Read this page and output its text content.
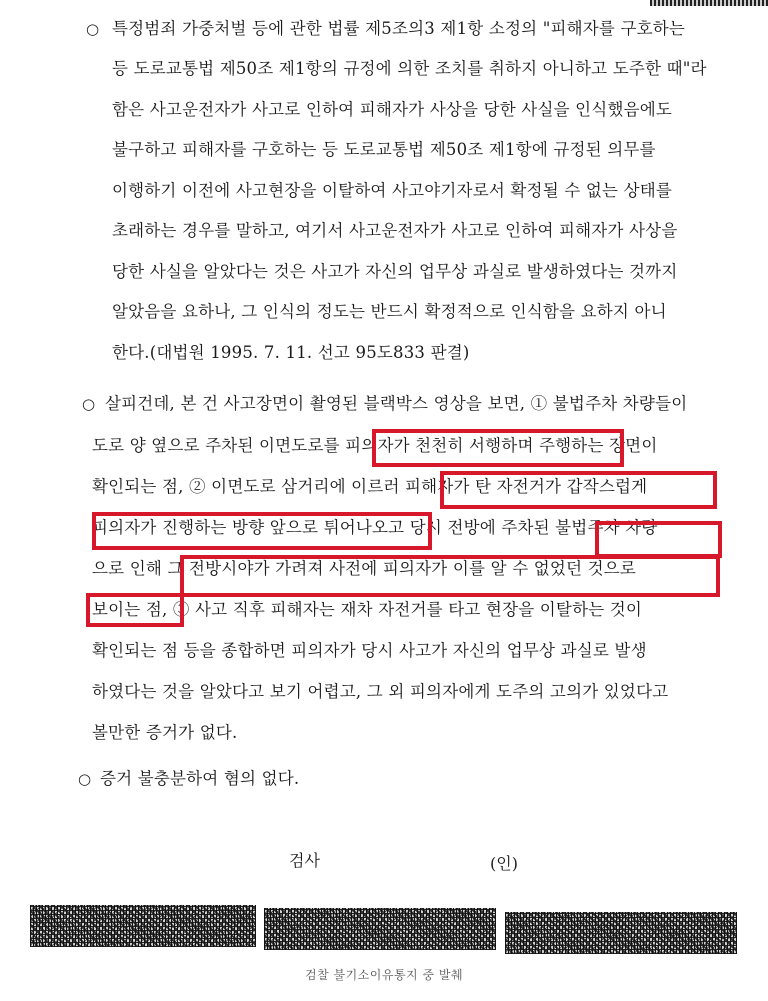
○ 특정범죄 가중처벌 등에 관한 법률 제5조의3 제1항 소정의 "피해자를 구호하는

등 도로교통법 제50조 제1항의 규정에 의한 조치를 취하지 아니하고 도주한 때"라

함은 사고운전자가 사고로 인하여 피해자가 사상을 당한 사실을 인식했음에도

불구하고 피해자를 구호하는 등 도로교통법 제50조 제1항에 규정된 의무를

이행하기 이전에 사고현장을 이탈하여 사고야기자로서 확정될 수 없는 상태를

초래하는 경우를 말하고, 여기서 사고운전자가 사고로 인하여 피해자가 사상을

당한 사실을 알았다는 것은 사고가 자신의 업무상 과실로 발생하였다는 것까지

알았음을 요하나, 그 인식의 정도는 반드시 확정적으로 인식함을 요하지 아니

한다.(대법원 1995. 7. 11. 선고 95도833 판결)

○ 살피건데, 본 건 사고장면이 촬영된 블랙박스 영상을 보면, ① 불법주차 차량들이

도로 양 옆으로 주차된 이면도로를 피의자가 천천히 서행하며 주행하는 장면이

확인되는 점, ② 이면도로 삼거리에 이르러 피해자가 탄 자전거가 갑작스럽게

피의자가 진행하는 방향 앞으로 튀어나오고 당시 전방에 주차된 불법주차 차량

으로 인해 그 전방시야가 가려져 사전에 피의자가 이를 알 수 없었던 것으로

보이는 점, ③ 사고 직후 피해자는 재차 자전거를 타고 현장을 이탈하는 것이

확인되는 점 등을 종합하면 피의자가 당시 사고가 자신의 업무상 과실로 발생

하였다는 것을 알았다고 보기 어렵고, 그 외 피의자에게 도주의 고의가 있었다고

볼만한 증거가 없다.

○ 증거 불충분하여 혐의 없다.

검사	(인)
검찰 불기소이유통지 중 발췌
